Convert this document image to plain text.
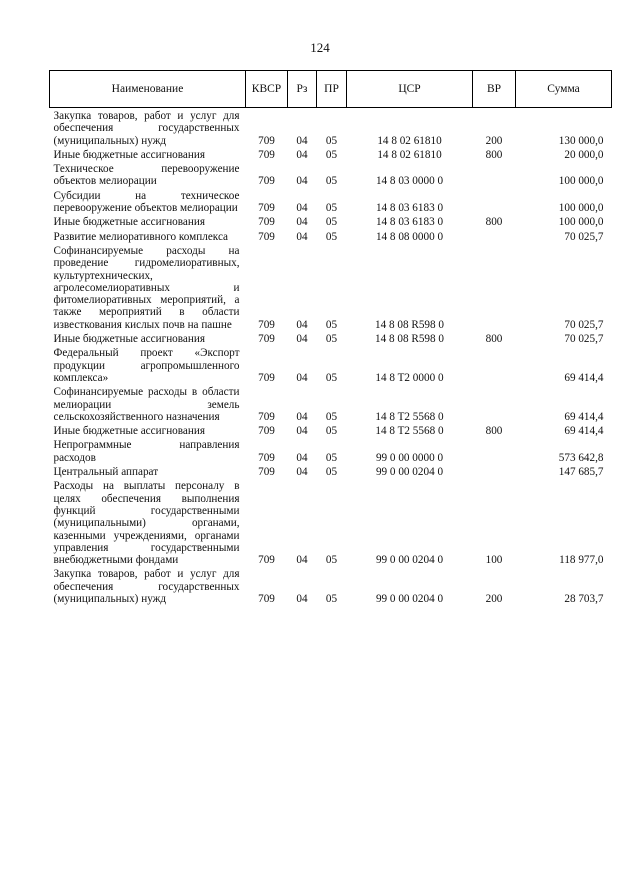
124
Наименование	КВСР	Рз	ПР	ЦСР	ВР	Сумма
Закупка товаров, работ и услуг для обеспечения государственных (муниципальных) нужд	709	04	05	14 8 02 61810	200	130 000,0
Иные бюджетные ассигнования	709	04	05	14 8 02 61810	800	20 000,0
Техническое перевооружение объектов мелиорации	709	04	05	14 8 03 0000 0		100 000,0
Субсидии на техническое перевооружение объектов мелиорации	709	04	05	14 8 03 6183 0		100 000,0
Иные бюджетные ассигнования	709	04	05	14 8 03 6183 0	800	100 000,0
Развитие мелиоративного комплекса	709	04	05	14 8 08 0000 0		70 025,7
Софинансируемые расходы на проведение гидромелиоративных, культуртехнических, агролесомелиоративных и фитомелиоративных мероприятий, а также мероприятий в области известкования кислых почв на пашне	709	04	05	14 8 08 R598 0		70 025,7
Иные бюджетные ассигнования	709	04	05	14 8 08 R598 0	800	70 025,7
Федеральный проект «Экспорт продукции агропромышленного комплекса»	709	04	05	14 8 T2 0000 0		69 414,4
Софинансируемые расходы в области мелиорации земель сельскохозяйственного назначения	709	04	05	14 8 T2 5568 0		69 414,4
Иные бюджетные ассигнования	709	04	05	14 8 T2 5568 0	800	69 414,4
Непрограммные направления расходов	709	04	05	99 0 00 0000 0		573 642,8
Центральный аппарат	709	04	05	99 0 00 0204 0		147 685,7
Расходы на выплаты персоналу в целях обеспечения выполнения функций государственными (муниципальными) органами, казенными учреждениями, органами управления государственными внебюджетными фондами	709	04	05	99 0 00 0204 0	100	118 977,0
Закупка товаров, работ и услуг для обеспечения государственных (муниципальных) нужд	709	04	05	99 0 00 0204 0	200	28 703,7
